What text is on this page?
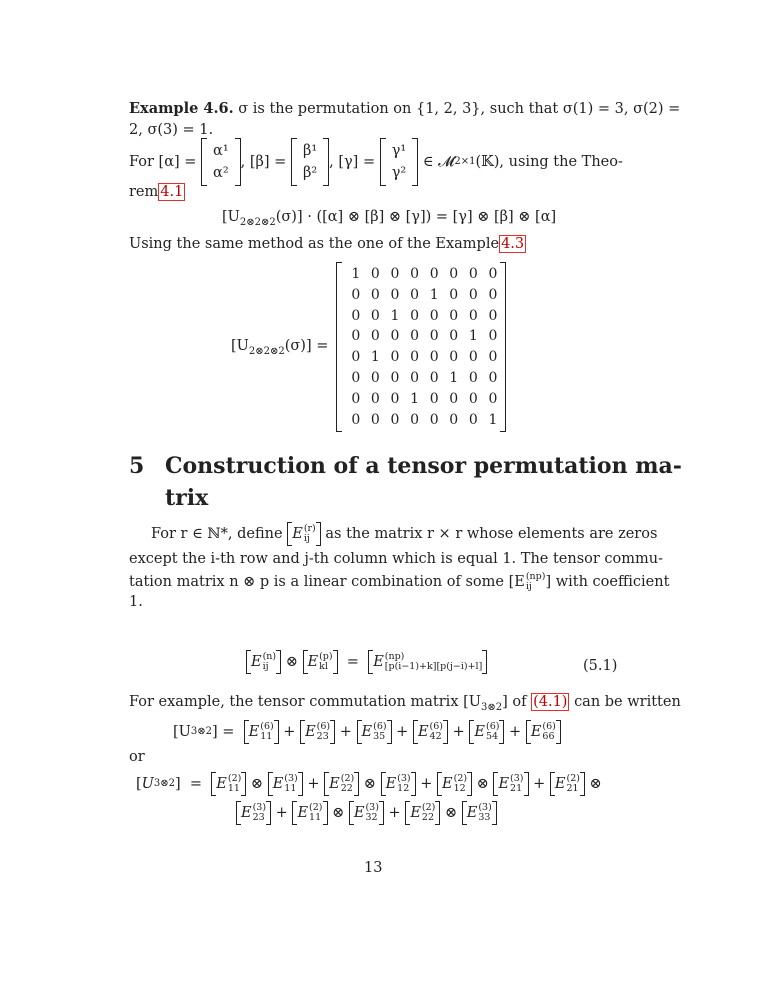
Example 4.6. σ is the permutation on {1, 2, 3}, such that σ(1) = 3, σ(2) =
2, σ(3) = 1.
For
[α] =

α¹
α²
, [β] =

β¹
β²
, [γ] =

γ¹
γ²

∈ 𝓜 2×1 (𝕂), using the Theo-
rem 4.1
$[U_{2\otimes 2\otimes 2}(\sigma)] \cdot ([\alpha]$ ⊗ [β] ⊗ [γ]) = [γ] ⊗ [β] ⊗ [α]
Using the same method as the one of the Example 4.3
$[U_{2\otimes 2\otimes 2}(\sigma)]$ =
1 0 0 0 0 0 0 0
0 0 0 0 1 0 0 0
0 0 1 0 0 0 0 0
0 0 0 0 0 0 1 0
0 1 0 0 0 0 0 0
0 0 0 0 0 1 0 0
0 0 0 1 0 0 0 0
0 0 0 0 0 0 0 1
5 Construction of a tensor permutation ma-
trix
For r ∈ ℕ*, define
E (r)
ij
	as the matrix r × r whose elements are zeros
except the i-th row and j-th column which is equal 1. The tensor commu-
tation matrix n ⊗ p is a linear combination of some [E (np)
ij ] with coefficient
1.
E (n)
ij ⊗ E (p)
kl = E (np)
[p(i−1)+k][p(j−i)+l]	(5.1)
For example, the tensor commutation matrix $[U_{3\otimes 2}]$ of (4.1) can be written
[U 3⊗2 ] =
E (6)
11 + E (6)
23 + E (6)
35 + E (6)
42 + E (6)
54 + E (6)
66
or
[U 3⊗2 ]  = E (2)
11 ⊗ E (3)
11 + E (2)
22 ⊗ E (3)
12 + E (2)
12 ⊗ E (3)
21 + E (2)
21 ⊗
E (3)
23 + E (2)
11 ⊗ E (3)
32 + E (2)
22 ⊗ E (3)
33
13
